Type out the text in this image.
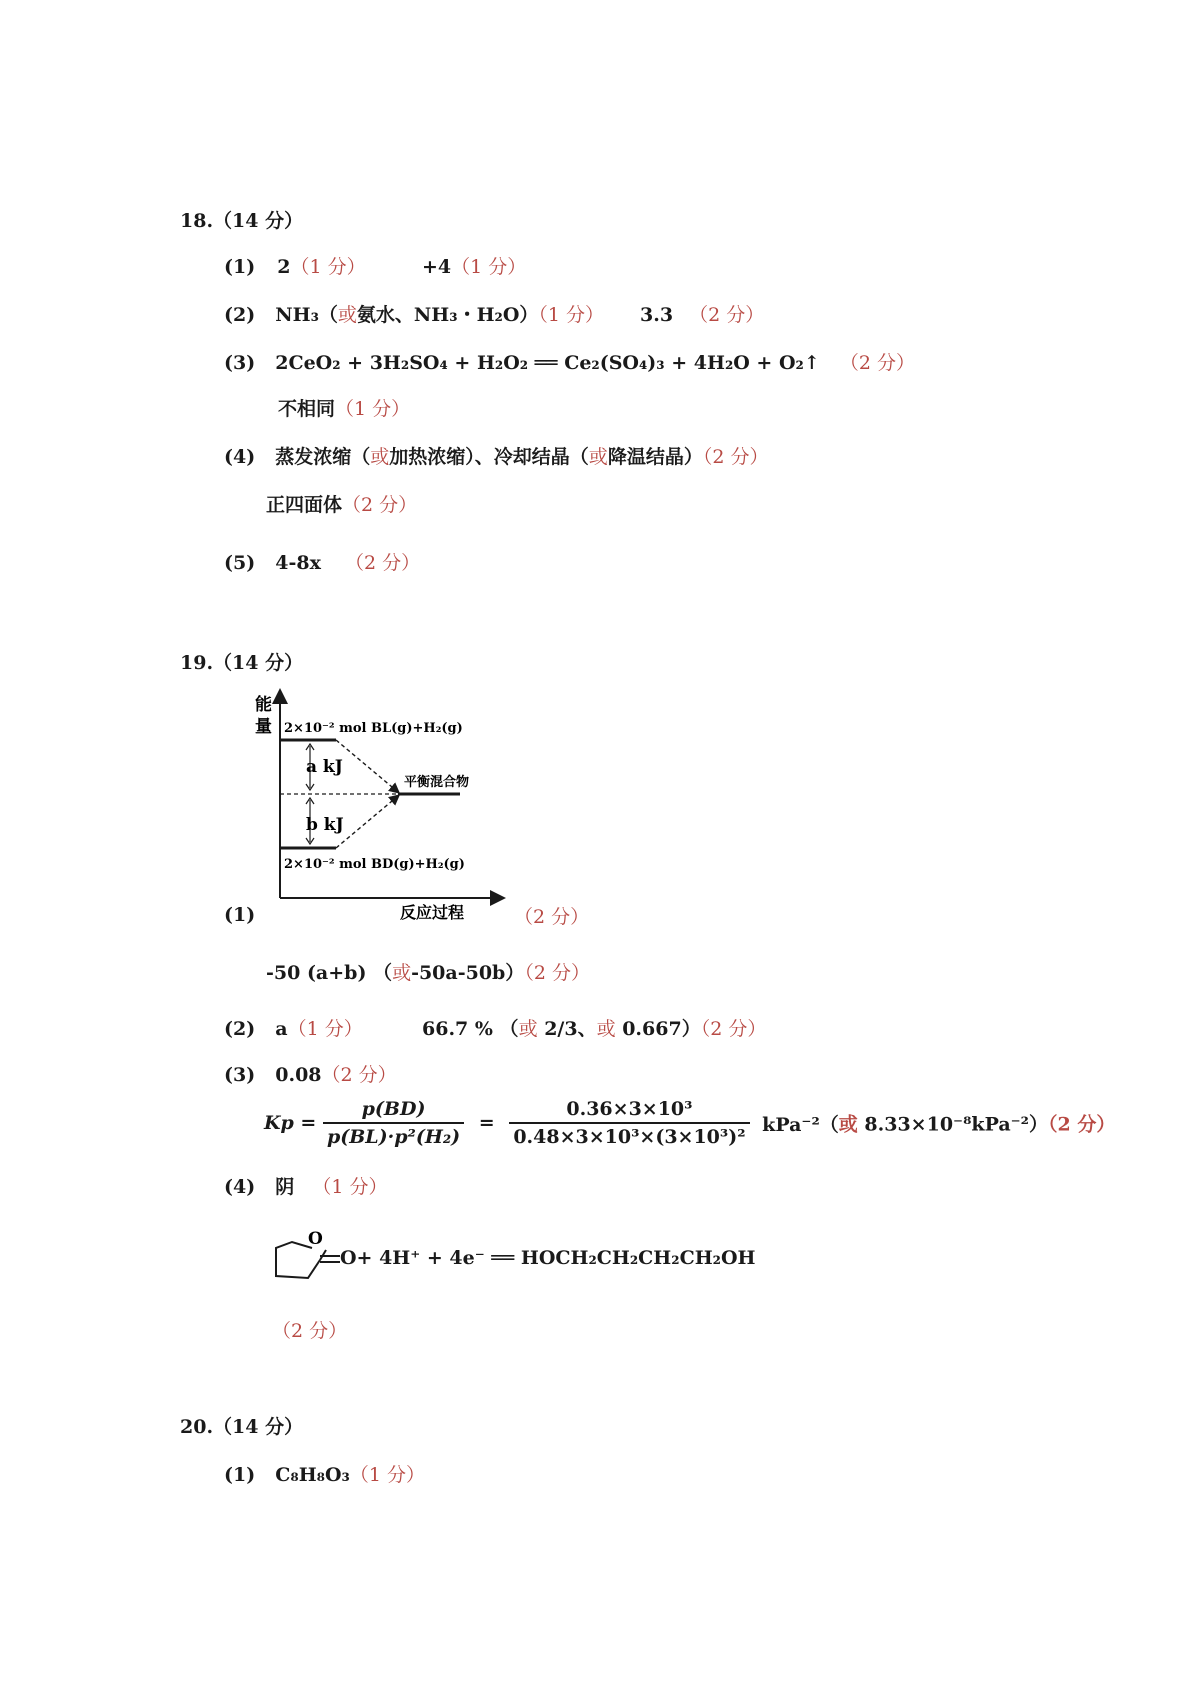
18.（14 分）
(1) 2（1 分）	+4（1 分）
(2) NH₃（或氨水、NH₃・H₂O）（1 分） 3.3 （2 分）
(3) 2CeO₂ + 3H₂SO₄ + H₂O₂ ══ Ce₂(SO₄)₃ + 4H₂O + O₂↑ （2 分）
不相同（1 分）
(4) 蒸发浓缩（或加热浓缩）、冷却结晶（或降温结晶）（2 分）
正四面体（2 分）
(5) 4-8x （2 分）
19.（14 分）
能
量 2×10⁻² mol BL(g)+H₂(g)
2×10⁻² mol BD(g)+H₂(g)
平衡混合物
a kJ
b kJ
反应过程
(1)	（2 分）
-50 (a+b) （或-50a-50b）（2 分）
(2) a（1 分）	66.7 % （或 2/3、或 0.667）（2 分）
(3) 0.08（2 分）
$Kp = \frac{p(BD)}{\text{p(BL)·p²(H₂)}} = \frac{\text{0.36×3×10³}}{\text{0.48×3×10³×(3×10³)²}} kPa^{-2}$（或 8.33×10⁻⁸kPa⁻²）（2 分）
(4) 阴 （1 分）
O
O+ 4H⁺ + 4e⁻ ══ HOCH₂CH₂CH₂CH₂OH
（2 分）
20.（14 分）
(1) C₈H₈O₃（1 分）
